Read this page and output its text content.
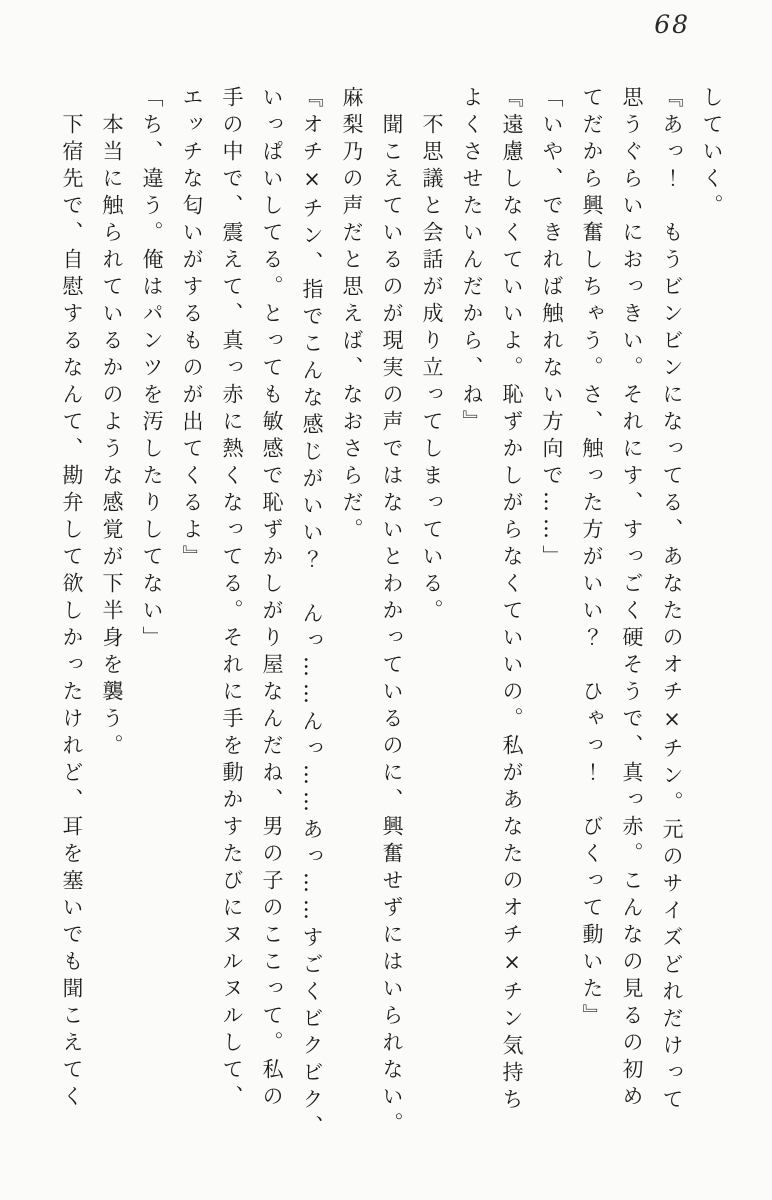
68

していく。

『あっ！　もうビンビンになってる、あなたのオチ×チン。元のサイズどれだけって

思うぐらいにおっきい。それにす、すっごく硬そうで、真っ赤。こんなの見るの初め

てだから興奮しちゃう。さ、触った方がいい？　ひゃっ！　びくって動いた』

「いや、できれば触れない方向で……」

『遠慮しなくていいよ。恥ずかしがらなくていいの。私があなたのオチ×チン気持ち

よくさせたいんだから、ね』

　不思議と会話が成り立ってしまっている。

　聞こえているのが現実の声ではないとわかっているのに、興奮せずにはいられない。

麻梨乃の声だと思えば、なおさらだ。

『オチ×チン、指でこんな感じがいい？　んっ……んっ……あっ……すごくビクビク、

いっぱいしてる。とっても敏感で恥ずかしがり屋なんだね、男の子のここって。私の

手の中で、震えて、真っ赤に熱くなってる。それに手を動かすたびにヌルヌルして、

エッチな匂いがするものが出てくるよ』

「ち、違う。俺はパンツを汚したりしてない」

　本当に触られているかのような感覚が下半身を襲う。

　下宿先で、自慰するなんて、勘弁して欲しかったけれど、耳を塞いでも聞こえてく
